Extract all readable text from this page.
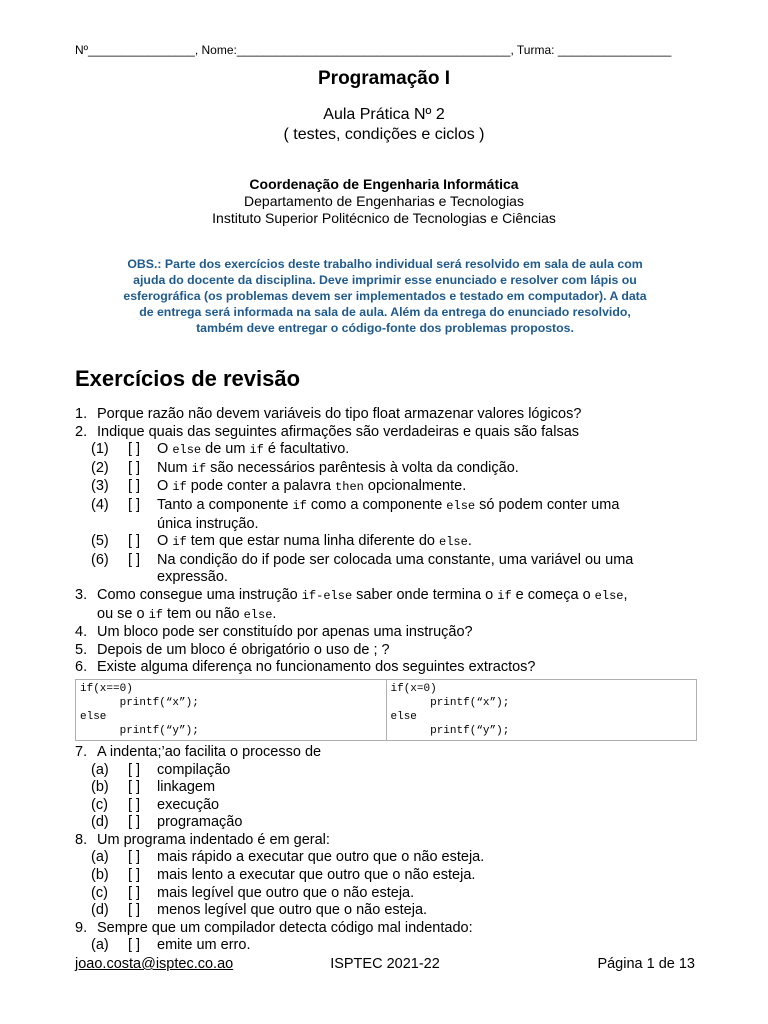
Nº________________, Nome:_________________________________________, Turma: _________________
Programação I
Aula Prática Nº 2
( testes, condições e ciclos )
Coordenação de Engenharia Informática
Departamento de Engenharias e Tecnologias
Instituto Superior Politécnico de Tecnologias e Ciências
OBS.: Parte dos exercícios deste trabalho individual será resolvido em sala de aula com
ajuda do docente da disciplina. Deve imprimir esse enunciado e resolver com lápis ou
esferográfica (os problemas devem ser implementados e testado em computador). A data
de entrega será informada na sala de aula. Além da entrega do enunciado resolvido,
também deve entregar o código-fonte dos problemas propostos.
Exercícios de revisão
1. Porque razão não devem variáveis do tipo float armazenar valores lógicos?
2. Indique quais das seguintes afirmações são verdadeiras e quais são falsas
(1)	[ ]	O else de um if é facultativo.
(2)	[ ]	Num if são necessários parêntesis à volta da condição.
(3)	[ ]	O if pode conter a palavra then opcionalmente.
(4)	[ ]	Tanto a componente if como a componente else só podem conter uma
única instrução.
(5)	[ ]	O if tem que estar numa linha diferente do else.
(6)	[ ]	Na condição do if pode ser colocada uma constante, uma variável ou uma
expressão.
3. Como consegue uma instrução if-else saber onde termina o if e começa o else,
ou se o if tem ou não else.
4. Um bloco pode ser constituído por apenas uma instrução?
5. Depois de um bloco é obrigatório o uso de ; ?
6. Existe alguma diferença no funcionamento dos seguintes extractos?
if(x==0)
printf(“x”);
else
printf(“y”);

if(x=0)
printf(“x”);
else
printf(“y”);
7. A indenta;’ao facilita o processo de
(a)	[ ]	compilação
(b)	[ ]	linkagem
(c)	[ ]	execução
(d)	[ ]	programação
8. Um programa indentado é em geral:
(a)	[ ]	mais rápido a executar que outro que o não esteja.
(b)	[ ]	mais lento a executar que outro que o não esteja.
(c)	[ ]	mais legível que outro que o não esteja.
(d)	[ ]	menos legível que outro que o não esteja.
9. Sempre que um compilador detecta código mal indentado:
(a)	[ ]	emite um erro.
joao.costa@isptec.co.ao	ISPTEC 2021-22	Página 1 de 13
